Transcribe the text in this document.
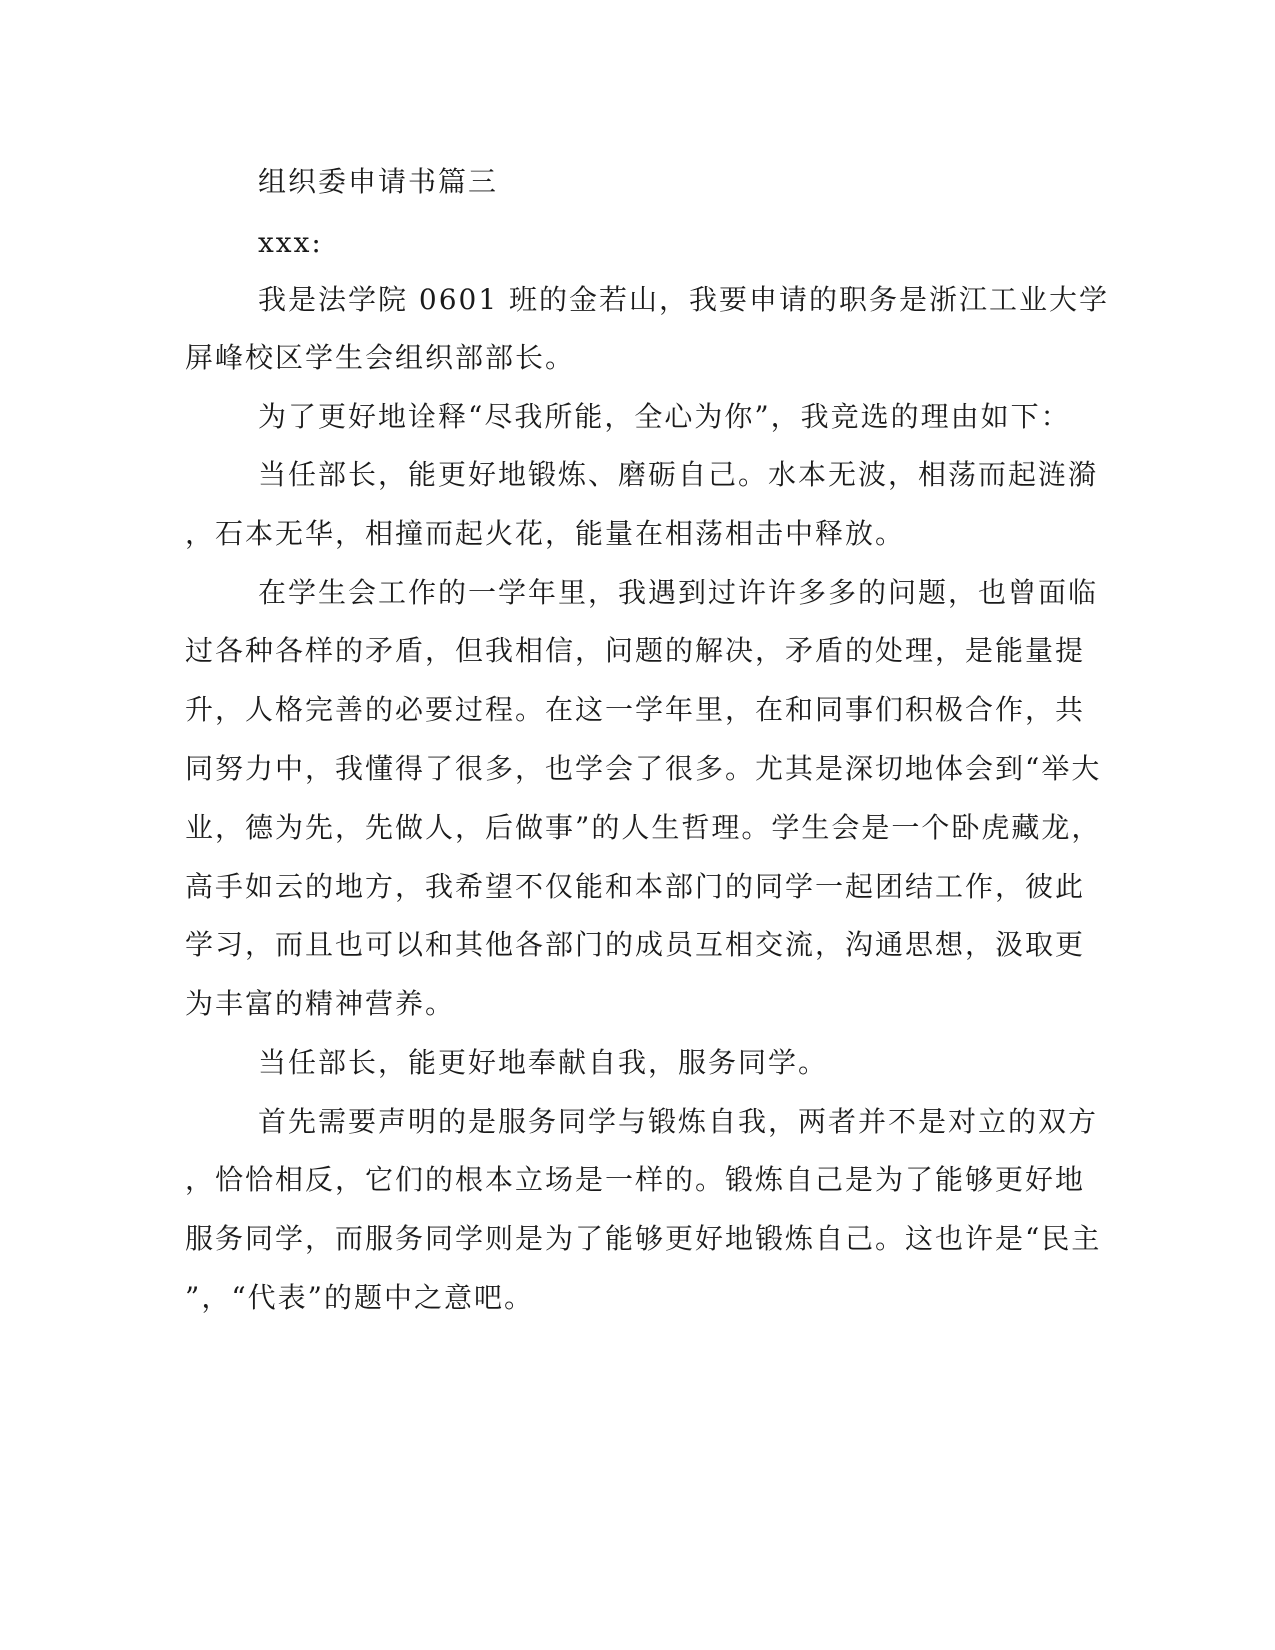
组织委申请书篇三
xxx:
我是法学院 0601 班的金若山，我要申请的职务是浙江工业大学
屏峰校区学生会组织部部长。
为了更好地诠释“尽我所能，全心为你”，我竞选的理由如下：
当任部长，能更好地锻炼、磨砺自己。水本无波，相荡而起涟漪
，石本无华，相撞而起火花，能量在相荡相击中释放。
在学生会工作的一学年里，我遇到过许许多多的问题，也曾面临
过各种各样的矛盾，但我相信，问题的解决，矛盾的处理，是能量提
升，人格完善的必要过程。在这一学年里，在和同事们积极合作，共
同努力中，我懂得了很多，也学会了很多。尤其是深切地体会到“举大
业，德为先，先做人，后做事”的人生哲理。学生会是一个卧虎藏龙，
高手如云的地方，我希望不仅能和本部门的同学一起团结工作，彼此
学习，而且也可以和其他各部门的成员互相交流，沟通思想，汲取更
为丰富的精神营养。
当任部长，能更好地奉献自我，服务同学。
首先需要声明的是服务同学与锻炼自我，两者并不是对立的双方
，恰恰相反，它们的根本立场是一样的。锻炼自己是为了能够更好地
服务同学，而服务同学则是为了能够更好地锻炼自己。这也许是“民主
”，“代表”的题中之意吧。
